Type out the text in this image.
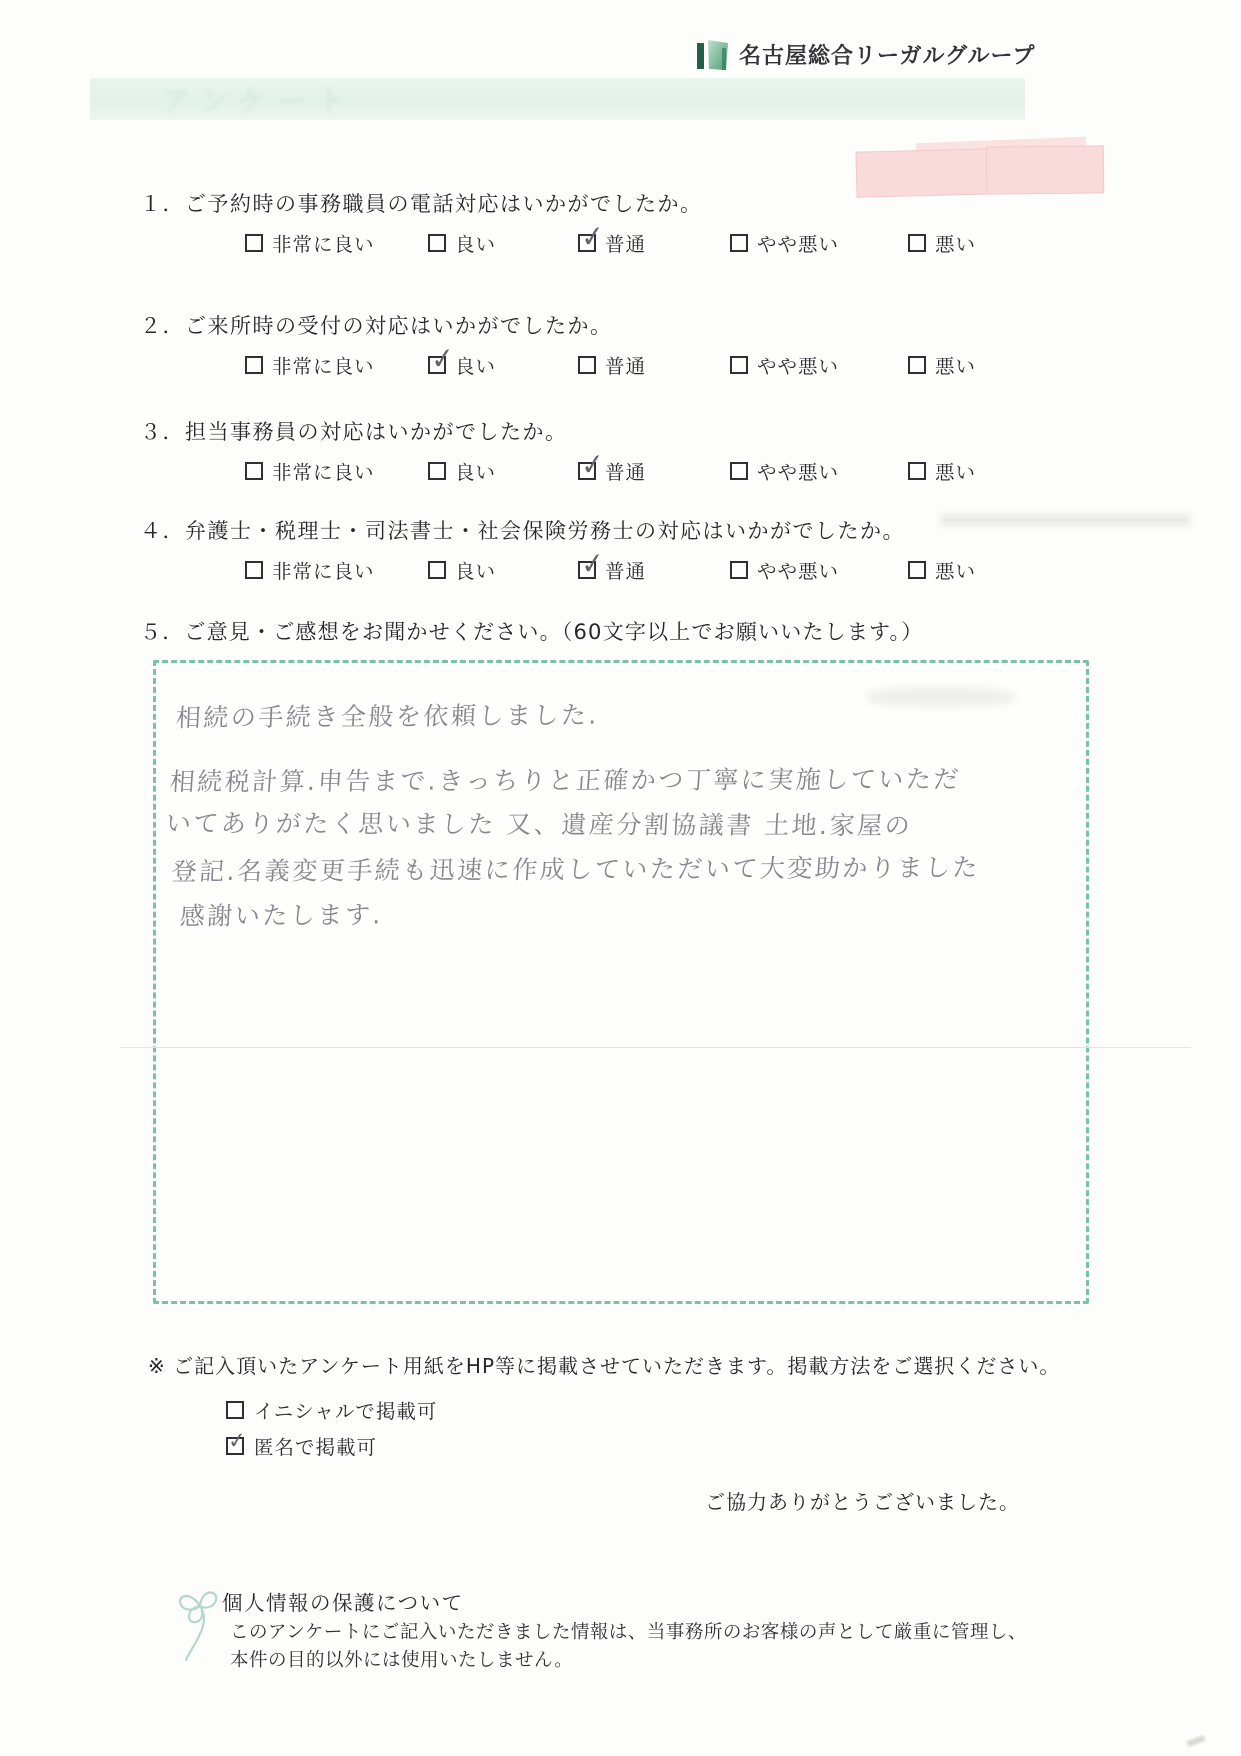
名古屋総合リーガルグループ
アンケート
１．ご予約時の事務職員の電話対応はいかがでしたか。
非常に良い	良い	✓ 普通	やや悪い	悪い
２．ご来所時の受付の対応はいかがでしたか。
非常に良い ✓ 良い	普通	やや悪い	悪い
３．担当事務員の対応はいかがでしたか。
非常に良い	良い	✓ 普通	やや悪い	悪い
４．弁護士・税理士・司法書士・社会保険労務士の対応はいかがでしたか。
非常に良い	良い	✓ 普通	やや悪い	悪い
５．ご意見・ご感想をお聞かせください。（60文字以上でお願いいたします。）
相続の手続き全般を依頼しました.
相続税計算.申告まで.きっちりと正確かつ丁寧に実施していただ
いてありがたく思いました 又、遺産分割協議書 土地.家屋の
登記.名義変更手続も迅速に作成していただいて大変助かりました
感謝いたします.
※ ご記入頂いたアンケート用紙をHP等に掲載させていただきます。掲載方法をご選択ください。
イニシャルで掲載可
✓ 匿名で掲載可
ご協力ありがとうございました。
個人情報の保護について
このアンケートにご記入いただきました情報は、当事務所のお客様の声として厳重に管理し、
本件の目的以外には使用いたしません。
